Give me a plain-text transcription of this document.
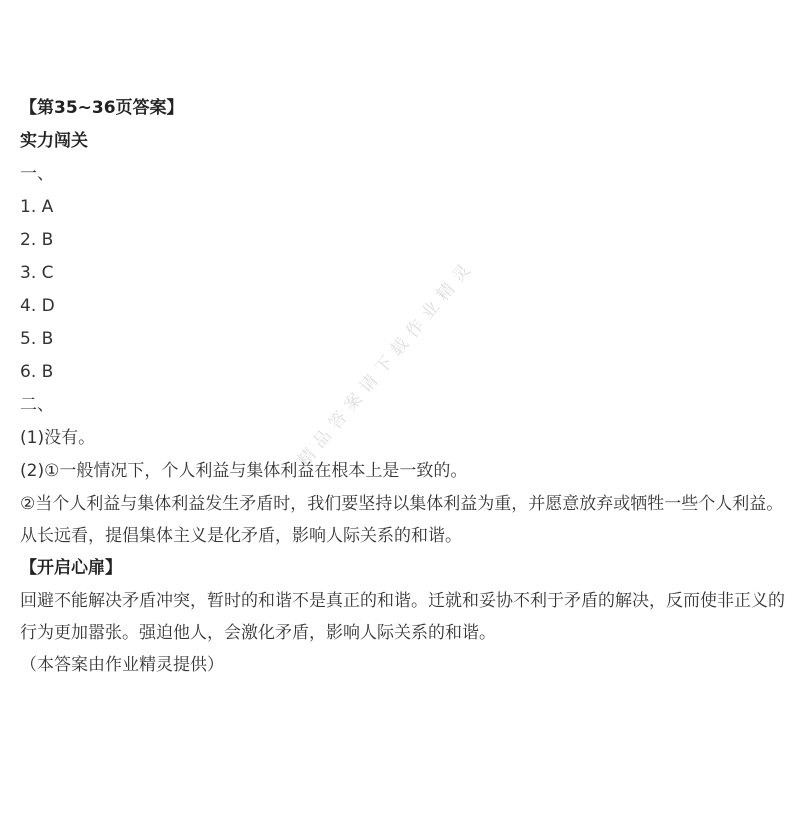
【第35~36页答案】
实力闯关
一、
1. A
2. B
3. C
4. D
5. B
6. B
二、
(1)没有。
(2)①一般情况下，个人利益与集体利益在根本上是一致的。
②当个人利益与集体利益发生矛盾时，我们要坚持以集体利益为重，并愿意放弃或牺牲一些个人利益。从长远看，提倡集体主义是化矛盾，影响人际关系的和谐。
【开启心扉】
回避不能解决矛盾冲突，暂时的和谐不是真正的和谐。迁就和妥协不利于矛盾的解决，反而使非正义的行为更加嚣张。强迫他人，会激化矛盾，影响人际关系的和谐。
（本答案由作业精灵提供）
精品答案请下载作业精灵
